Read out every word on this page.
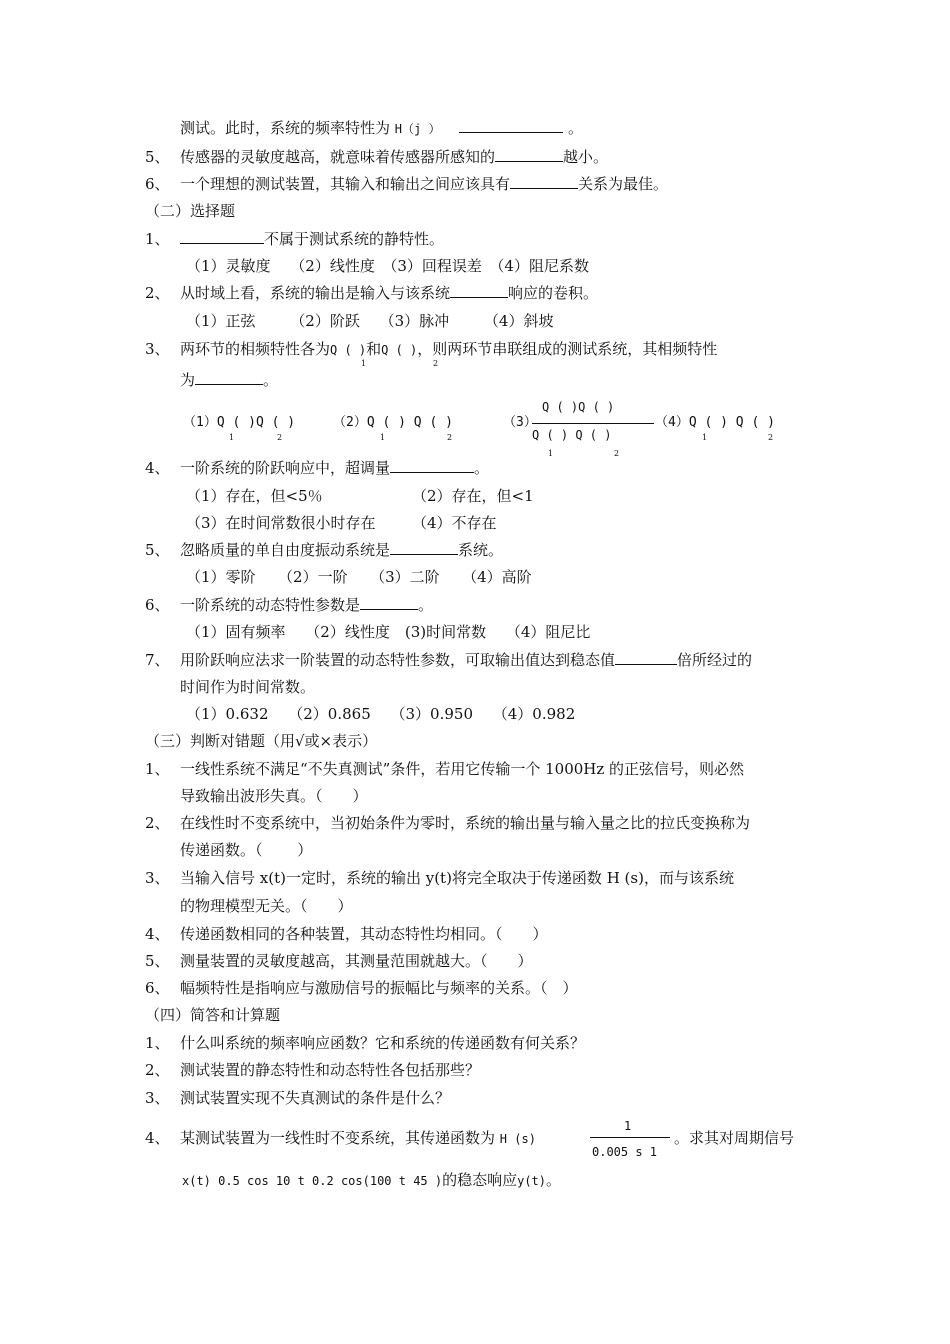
测试。此时，系统的频率特性为 H（j ）	。
5、 传感器的灵敏度越高，就意味着传感器所感知的	越小。
6、 一个理想的测试装置，其输入和输出之间应该具有	关系为最佳。
（二）选择题
1、	不属于测试系统的静特性。
（1）灵敏度　 （2）线性度　（3）回程误差　（4）阻尼系数
2、 从时域上看，系统的输出是输入与该系统	响应的卷积。
（1）正弦　　 （2）阶跃　 （3）脉冲　　 （4）斜坡
3、 两环节的相频特性各为Q ( )和Q ( )，则两环节串联组成的测试系统，其相频特性
1	2
为	。
（1）Q ( )Q ( )
1	2
（2）Q ( ) Q ( )
1	2
（3）
Q ( )Q ( )
Q ( ) Q ( )
1	2
（4）Q ( ) Q ( )
1	2
4、 一阶系统的阶跃响应中，超调量	。
（1）存在，但<5％	（2）存在，但<1
（3）在时间常数很小时存在 （4）不存在
5、 忽略质量的单自由度振动系统是	系统。
（1）零阶　　（2）一阶　　（3）二阶　　（4）高阶
6、 一阶系统的动态特性参数是	。
（1）固有频率　 （2）线性度　(3)时间常数　 （4）阻尼比
7、 用阶跃响应法求一阶装置的动态特性参数，可取输出值达到稳态值	倍所经过的
时间作为时间常数。
（1）0.632　 （2）0.865　 （3）0.950　 （4）0.982
（三）判断对错题（用√或×表示）
1、 一线性系统不满足“不失真测试”条件，若用它传输一个 1000Hz 的正弦信号，则必然
导致输出波形失真。（　　）
2、 在线性时不变系统中，当初始条件为零时，系统的输出量与输入量之比的拉氏变换称为
传递函数。（　　 ）
3、 当输入信号 x(t)一定时，系统的输出 y(t)将完全取决于传递函数 H (s)，而与该系统
的物理模型无关。（　　）
4、 传递函数相同的各种装置，其动态特性均相同。（　　）
5、 测量装置的灵敏度越高，其测量范围就越大。（　　）
6、 幅频特性是指响应与激励信号的振幅比与频率的关系。（　）
（四）简答和计算题
1、 什么叫系统的频率响应函数？它和系统的传递函数有何关系？
2、 测试装置的静态特性和动态特性各包括那些？
3、 测试装置实现不失真测试的条件是什么？
4、 某测试装置为一线性时不变系统，其传递函数为 H (s)
1
0.005 s 1
。求其对周期信号
x(t) 0.5 cos 10 t 0.2 cos(100 t 45 )的稳态响应y(t)。
